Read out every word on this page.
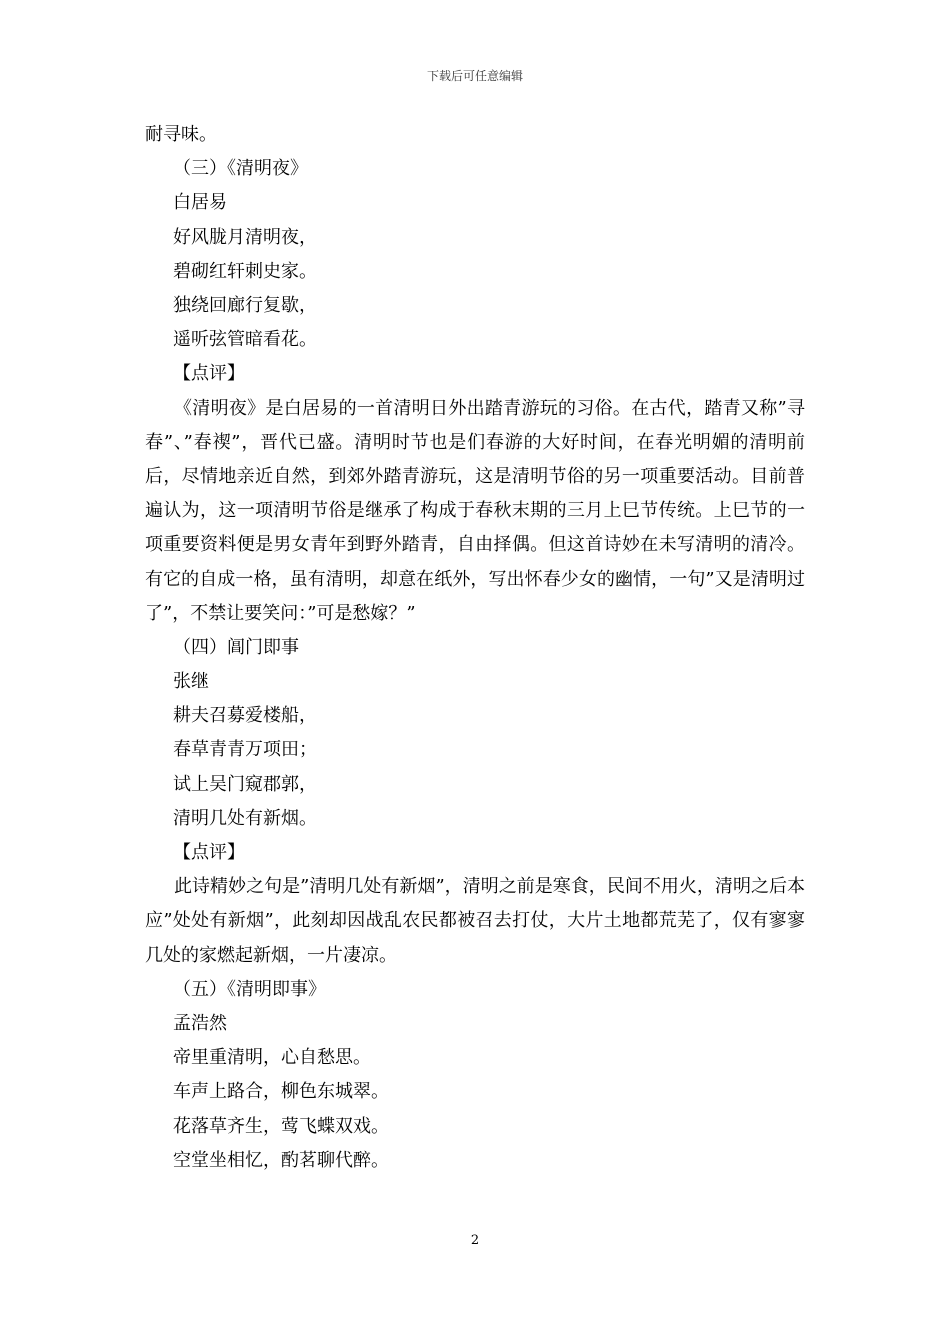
下载后可任意编辑

耐寻味。

（三）《清明夜》

白居易

好风胧月清明夜，

碧砌红轩刺史家。

独绕回廊行复歇，

遥听弦管暗看花。

【点评】

《清明夜》是白居易的一首清明日外出踏青游玩的习俗。在古代，踏青又称”寻春”、”春禊”，晋代已盛。清明时节也是们春游的大好时间，在春光明媚的清明前后，尽情地亲近自然，到郊外踏青游玩，这是清明节俗的另一项重要活动。目前普遍认为，这一项清明节俗是继承了构成于春秋末期的三月上巳节传统。上巳节的一项重要资料便是男女青年到野外踏青，自由择偶。但这首诗妙在未写清明的清冷。有它的自成一格，虽有清明，却意在纸外，写出怀春少女的幽情，一句”又是清明过了”，不禁让要笑问：”可是愁嫁？”

（四）阊门即事

张继

耕夫召募爱楼船，

春草青青万项田；

试上吴门窥郡郭，

清明几处有新烟。

【点评】

此诗精妙之句是”清明几处有新烟”，清明之前是寒食，民间不用火，清明之后本应”处处有新烟”，此刻却因战乱农民都被召去打仗，大片土地都荒芜了，仅有寥寥几处的家燃起新烟，一片凄凉。

（五）《清明即事》

孟浩然

帝里重清明，心自愁思。

车声上路合，柳色东城翠。

花落草齐生，莺飞蝶双戏。

空堂坐相忆，酌茗聊代醉。

2
